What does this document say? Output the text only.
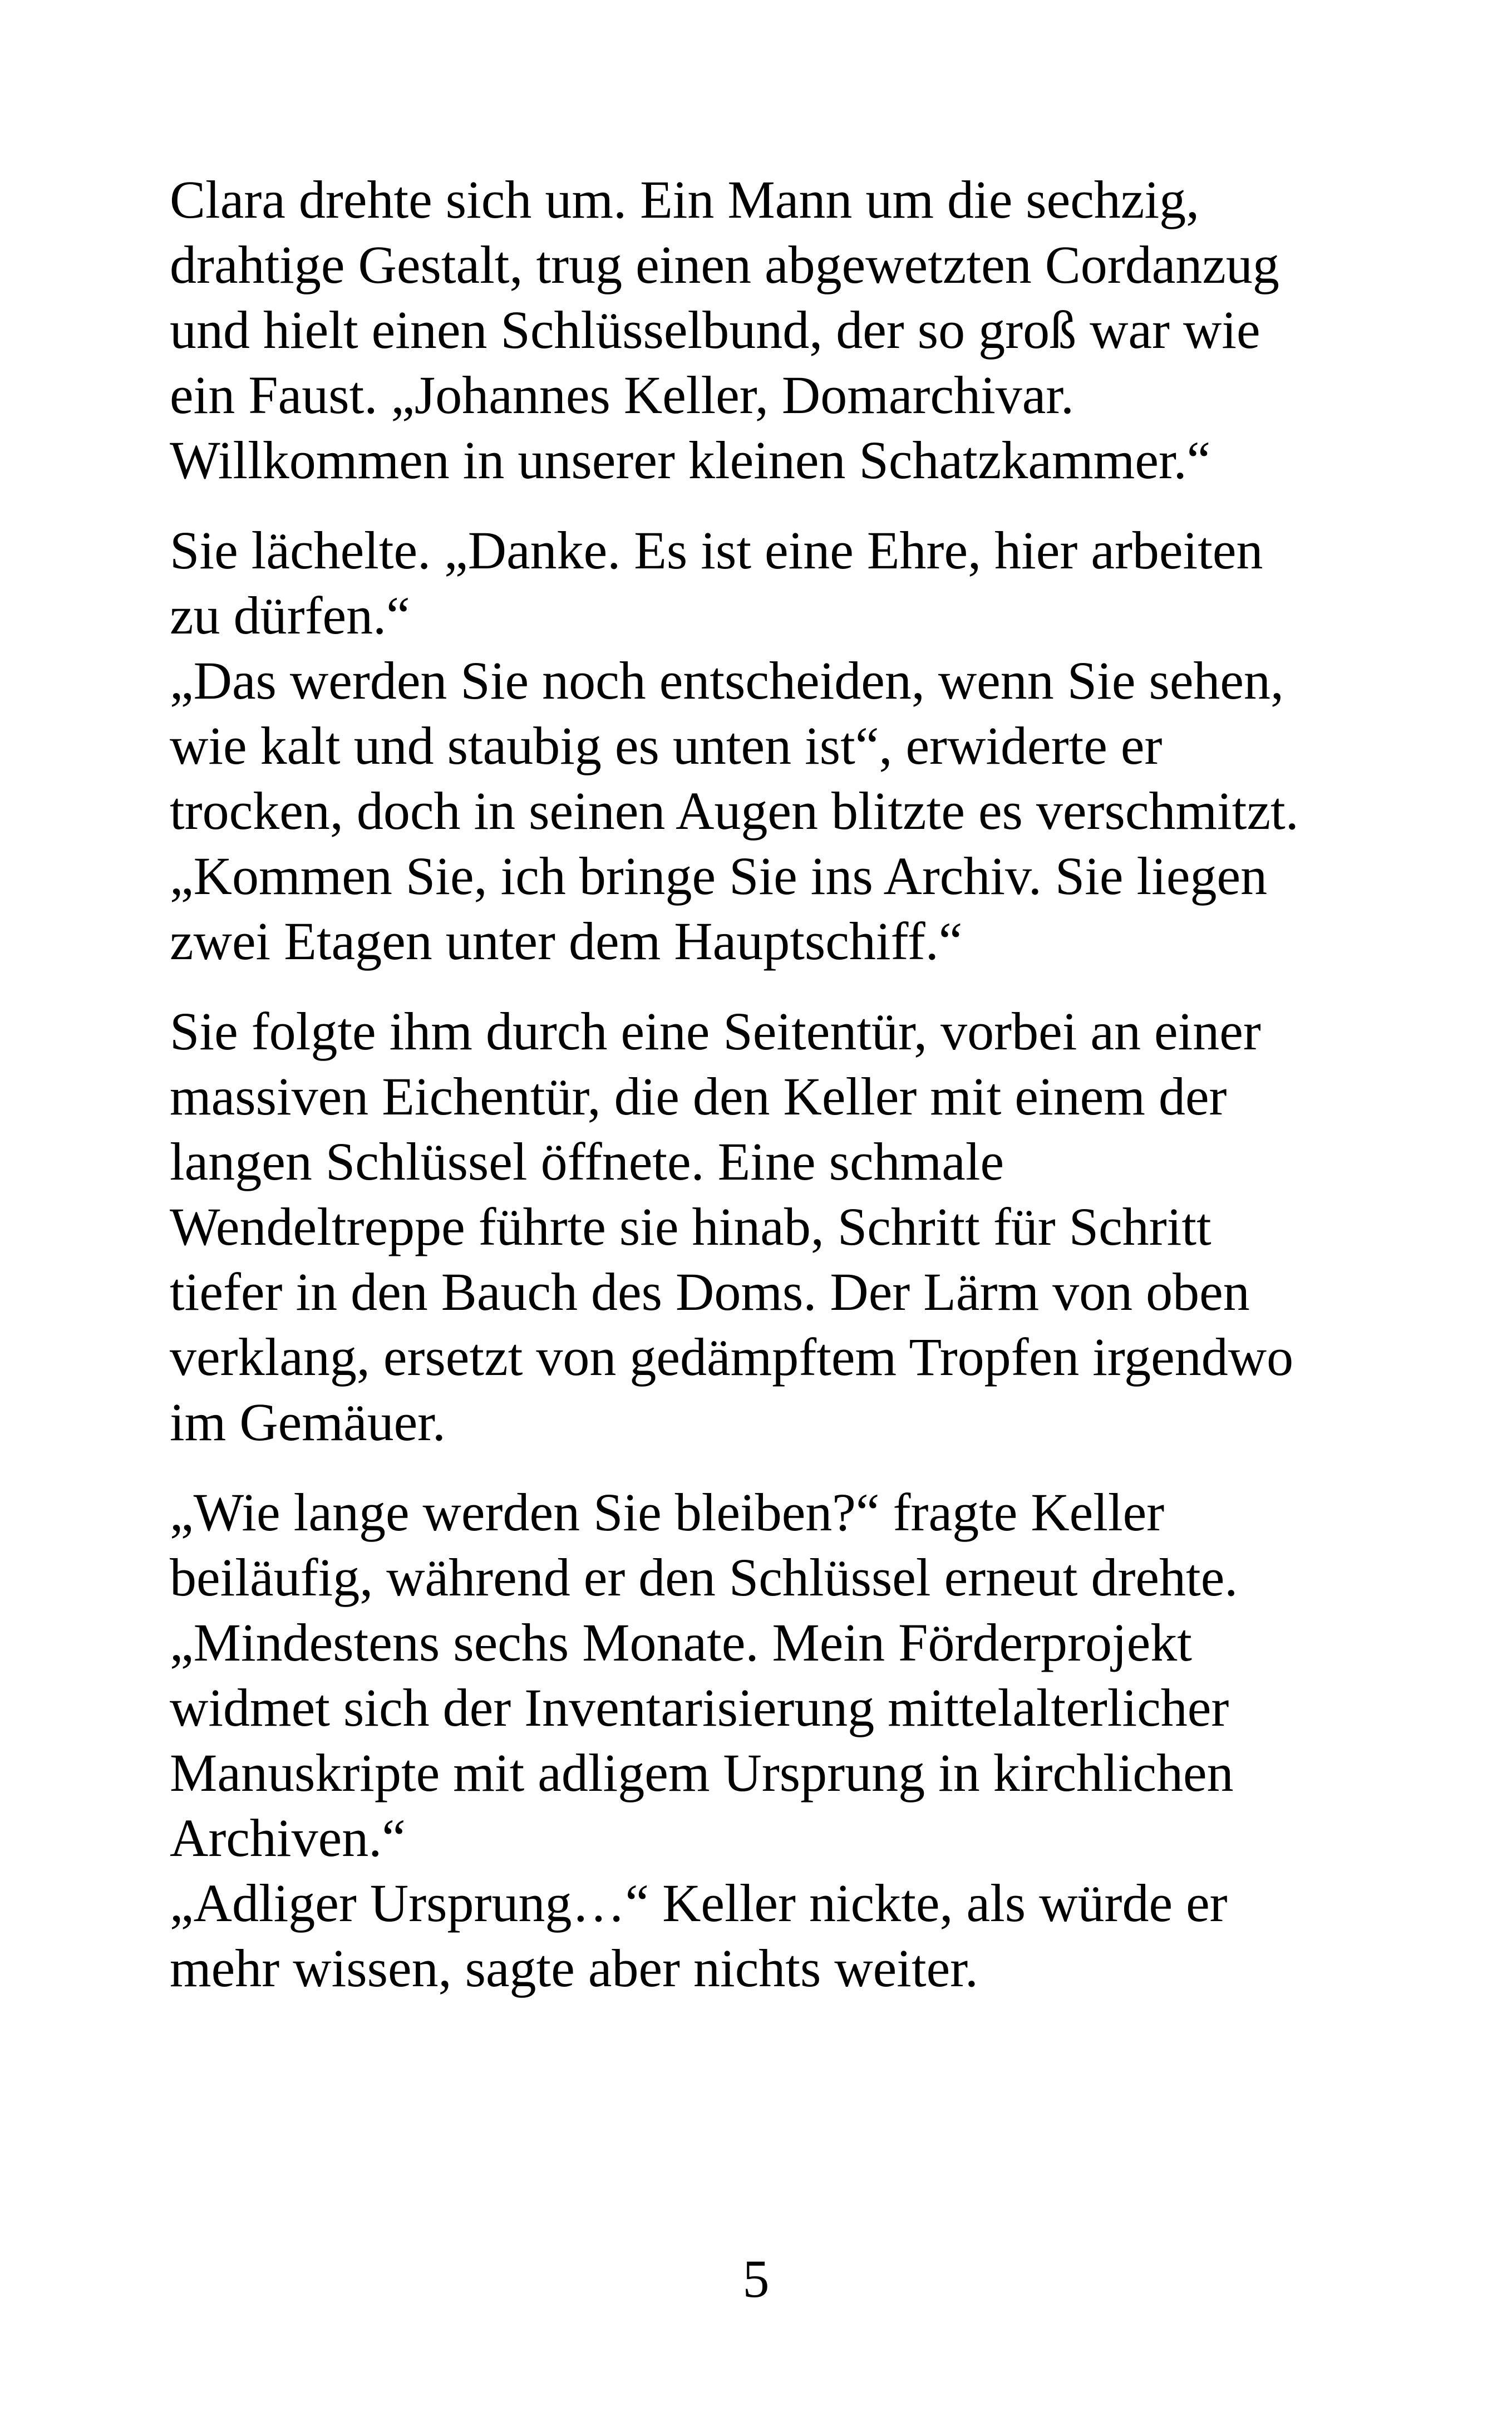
Clara drehte sich um. Ein Mann um die sechzig,
drahtige Gestalt, trug einen abgewetzten Cordanzug
und hielt einen Schlüsselbund, der so groß war wie
ein Faust. „Johannes Keller, Domarchivar.
Willkommen in unserer kleinen Schatzkammer.“
Sie lächelte. „Danke. Es ist eine Ehre, hier arbeiten
zu dürfen.“
„Das werden Sie noch entscheiden, wenn Sie sehen,
wie kalt und staubig es unten ist“, erwiderte er
trocken, doch in seinen Augen blitzte es verschmitzt.
„Kommen Sie, ich bringe Sie ins Archiv. Sie liegen
zwei Etagen unter dem Hauptschiff.“
Sie folgte ihm durch eine Seitentür, vorbei an einer
massiven Eichentür, die den Keller mit einem der
langen Schlüssel öffnete. Eine schmale
Wendeltreppe führte sie hinab, Schritt für Schritt
tiefer in den Bauch des Doms. Der Lärm von oben
verklang, ersetzt von gedämpftem Tropfen irgendwo
im Gemäuer.
„Wie lange werden Sie bleiben?“ fragte Keller
beiläufig, während er den Schlüssel erneut drehte.
„Mindestens sechs Monate. Mein Förderprojekt
widmet sich der Inventarisierung mittelalterlicher
Manuskripte mit adligem Ursprung in kirchlichen
Archiven.“
„Adliger Ursprung…“ Keller nickte, als würde er
mehr wissen, sagte aber nichts weiter.
5
